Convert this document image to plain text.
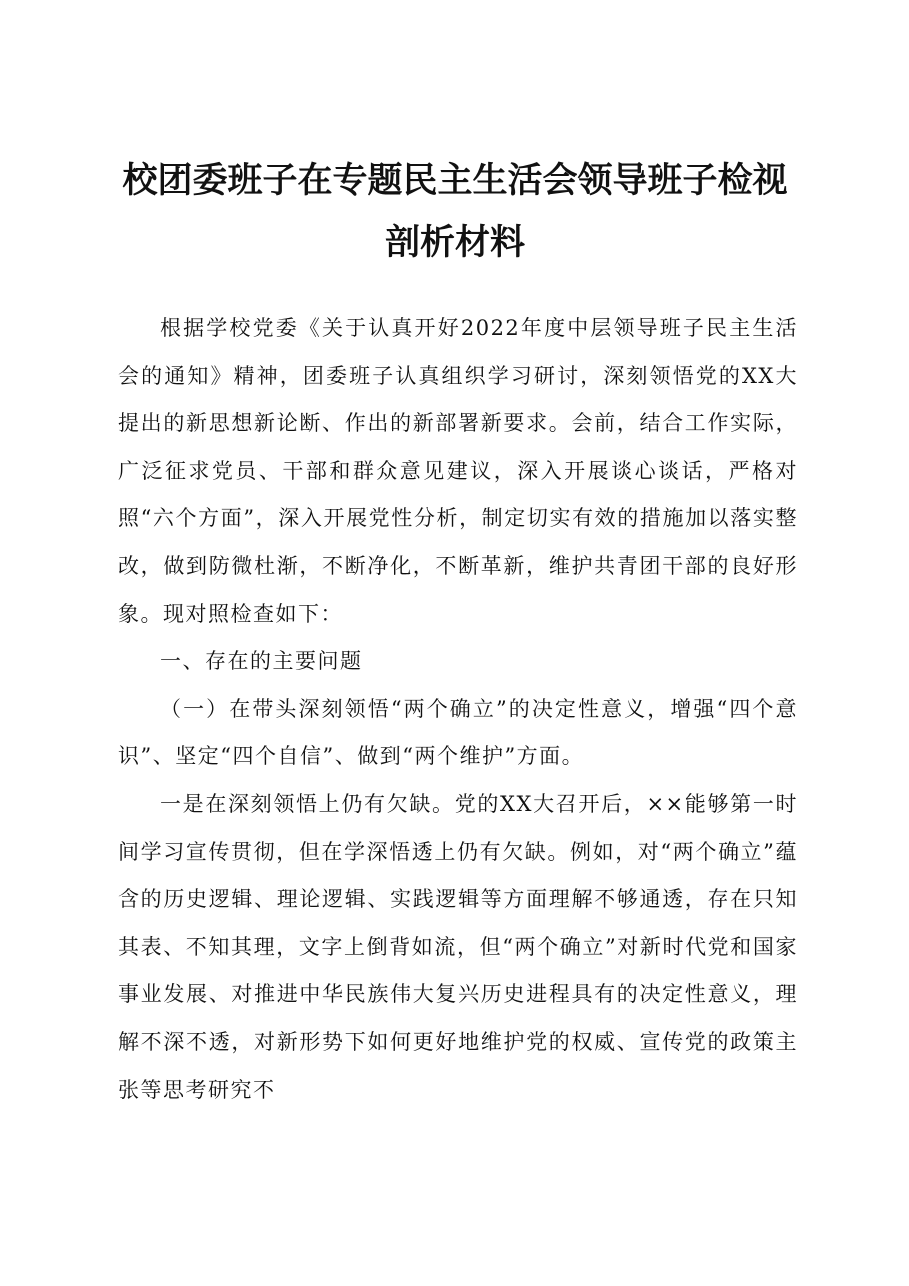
校团委班子在专题民主生活会领导班子检视剖析材料

根据学校党委《关于认真开好2022年度中层领导班子民主生活会的通知》精神，团委班子认真组织学习研讨，深刻领悟党的XX大提出的新思想新论断、作出的新部署新要求。会前，结合工作实际，广泛征求党员、干部和群众意见建议，深入开展谈心谈话，严格对照“六个方面”，深入开展党性分析，制定切实有效的措施加以落实整改，做到防微杜渐，不断净化，不断革新，维护共青团干部的良好形象。现对照检查如下：

一、存在的主要问题

（一）在带头深刻领悟“两个确立”的决定性意义，增强“四个意识”、坚定“四个自信”、做到“两个维护”方面。

一是在深刻领悟上仍有欠缺。党的XX大召开后，××能够第一时间学习宣传贯彻，但在学深悟透上仍有欠缺。例如，对“两个确立”蕴含的历史逻辑、理论逻辑、实践逻辑等方面理解不够通透，存在只知其表、不知其理，文字上倒背如流，但“两个确立”对新时代党和国家事业发展、对推进中华民族伟大复兴历史进程具有的决定性意义，理解不深不透，对新形势下如何更好地维护党的权威、宣传党的政策主张等思考研究不
